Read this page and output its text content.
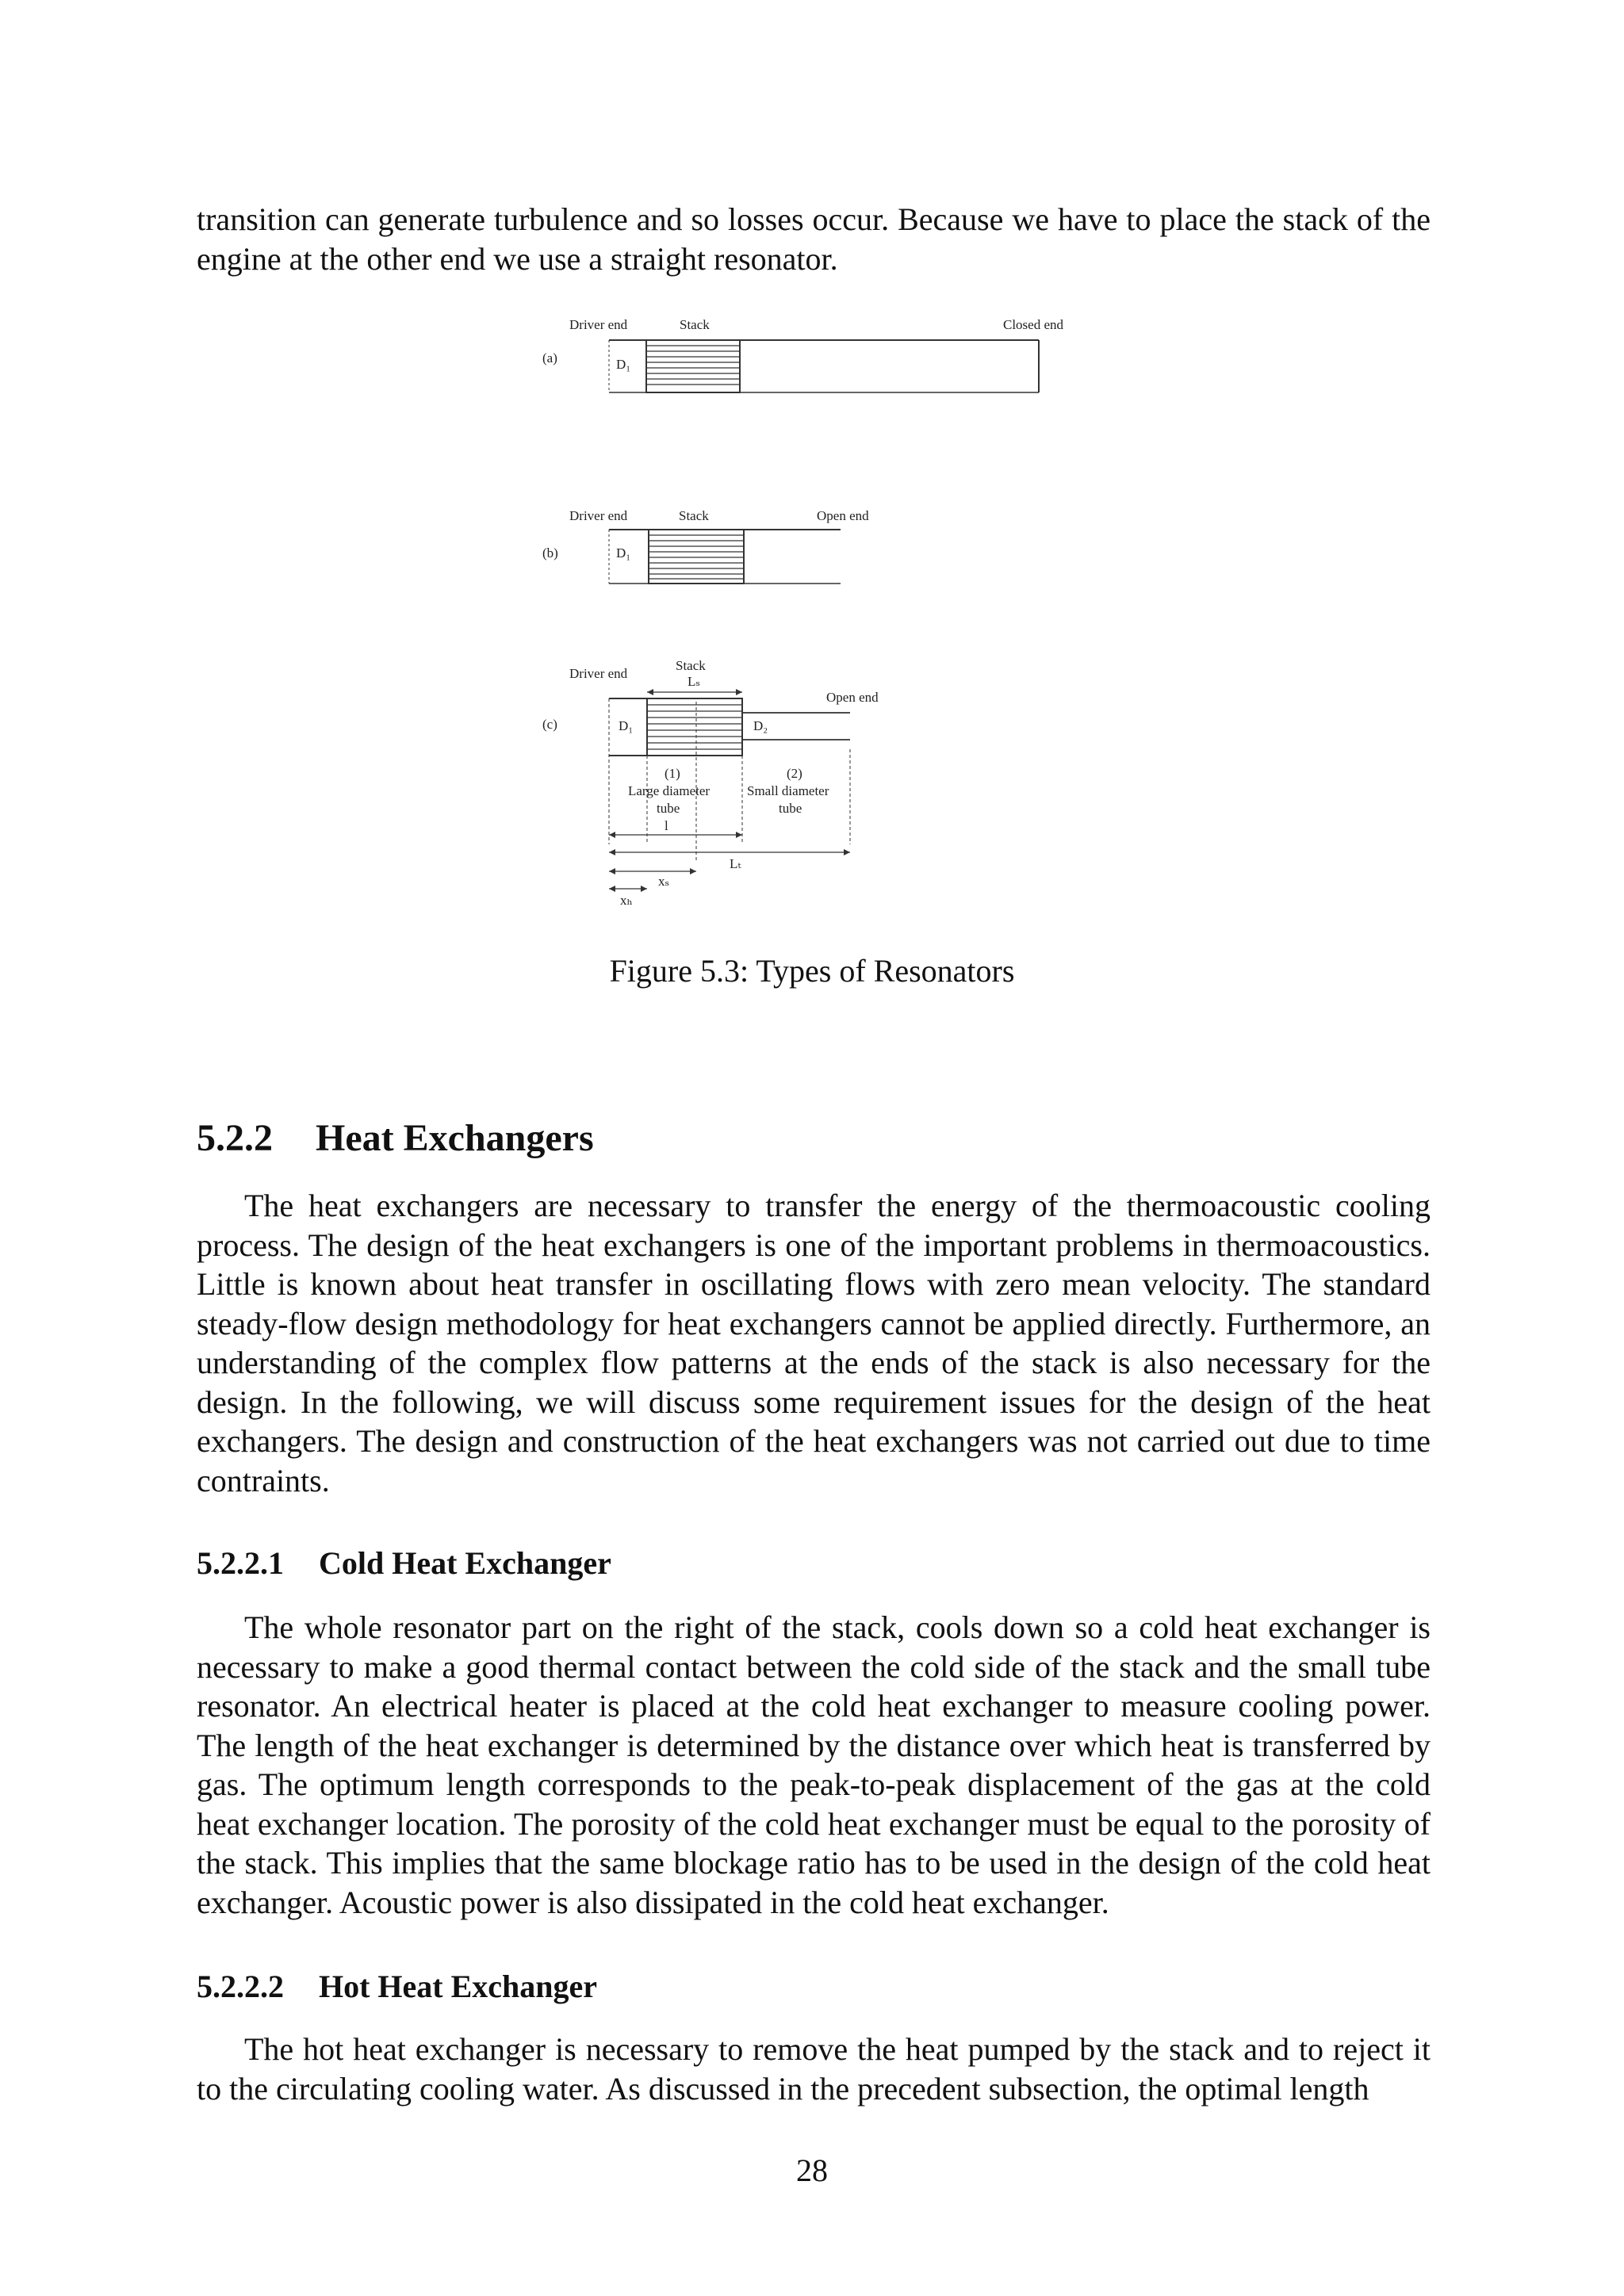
transition can generate turbulence and so losses occur. Because we have to place the stack of the engine at the other end we use a straight resonator.

(a)
Driver end	Stack	Closed end
D₁
(b)
Driver end	Stack	Open end
D₁
(c)
Driver end
Stack
Lₛ
Open end
D₁	D₂
(1)
Large diameter
tube
(2)
Small diameter
tube
l
Lₜ
xₛ
xₕ
Figure 5.3: Types of Resonators
5.2.2 Heat Exchangers

The heat exchangers are necessary to transfer the energy of the thermoacoustic cooling process. The design of the heat exchangers is one of the important problems in thermoacoustics. Little is known about heat transfer in oscillating flows with zero mean velocity. The standard steady-flow design methodology for heat exchangers cannot be applied directly. Furthermore, an understanding of the complex flow patterns at the ends of the stack is also necessary for the design. In the following, we will discuss some requirement issues for the design of the heat exchangers. The design and construction of the heat exchangers was not carried out due to time contraints.

5.2.2.1 Cold Heat Exchanger

The whole resonator part on the right of the stack, cools down so a cold heat exchanger is necessary to make a good thermal contact between the cold side of the stack and the small tube resonator. An electrical heater is placed at the cold heat exchanger to measure cooling power. The length of the heat exchanger is determined by the distance over which heat is transferred by gas. The optimum length corresponds to the peak-to-peak displacement of the gas at the cold heat exchanger location. The porosity of the cold heat exchanger must be equal to the porosity of the stack. This implies that the same blockage ratio has to be used in the design of the cold heat exchanger. Acoustic power is also dissipated in the cold heat exchanger.

5.2.2.2 Hot Heat Exchanger

The hot heat exchanger is necessary to remove the heat pumped by the stack and to reject it to the circulating cooling water. As discussed in the precedent subsection, the optimal length

28
